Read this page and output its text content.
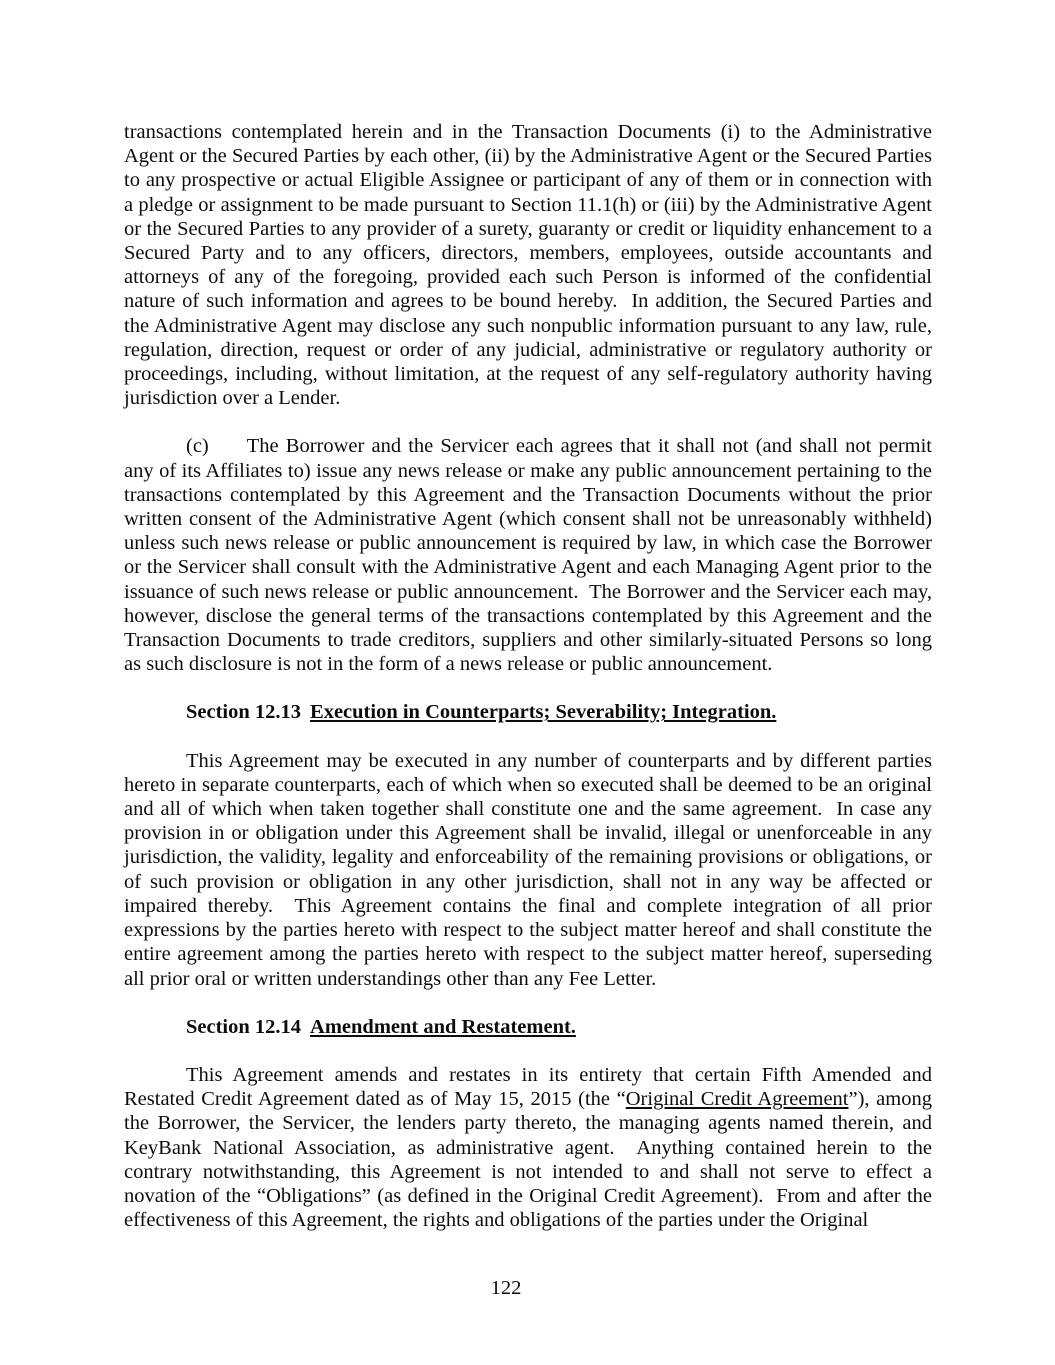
transactions contemplated herein and in the Transaction Documents (i) to the Administrative Agent or the Secured Parties by each other, (ii) by the Administrative Agent or the Secured Parties to any prospective or actual Eligible Assignee or participant of any of them or in connection with a pledge or assignment to be made pursuant to Section 11.1(h) or (iii) by the Administrative Agent or the Secured Parties to any provider of a surety, guaranty or credit or liquidity enhancement to a Secured Party and to any officers, directors, members, employees, outside accountants and attorneys of any of the foregoing, provided each such Person is informed of the confidential nature of such information and agrees to be bound hereby.  In addition, the Secured Parties and the Administrative Agent may disclose any such nonpublic information pursuant to any law, rule, regulation, direction, request or order of any judicial, administrative or regulatory authority or proceedings, including, without limitation, at the request of any self-regulatory authority having jurisdiction over a Lender.

(c) The Borrower and the Servicer each agrees that it shall not (and shall not permit any of its Affiliates to) issue any news release or make any public announcement pertaining to the transactions contemplated by this Agreement and the Transaction Documents without the prior written consent of the Administrative Agent (which consent shall not be unreasonably withheld) unless such news release or public announcement is required by law, in which case the Borrower or the Servicer shall consult with the Administrative Agent and each Managing Agent prior to the issuance of such news release or public announcement.  The Borrower and the Servicer each may, however, disclose the general terms of the transactions contemplated by this Agreement and the Transaction Documents to trade creditors, suppliers and other similarly-situated Persons so long as such disclosure is not in the form of a news release or public announcement.

Section 12.13 Execution in Counterparts; Severability; Integration.

This Agreement may be executed in any number of counterparts and by different parties hereto in separate counterparts, each of which when so executed shall be deemed to be an original and all of which when taken together shall constitute one and the same agreement.  In case any provision in or obligation under this Agreement shall be invalid, illegal or unenforceable in any jurisdiction, the validity, legality and enforceability of the remaining provisions or obligations, or of such provision or obligation in any other jurisdiction, shall not in any way be affected or impaired thereby.  This Agreement contains the final and complete integration of all prior expressions by the parties hereto with respect to the subject matter hereof and shall constitute the entire agreement among the parties hereto with respect to the subject matter hereof, superseding all prior oral or written understandings other than any Fee Letter.

Section 12.14 Amendment and Restatement.

This Agreement amends and restates in its entirety that certain Fifth Amended and Restated Credit Agreement dated as of May 15, 2015 (the “Original Credit Agreement”), among the Borrower, the Servicer, the lenders party thereto, the managing agents named therein, and KeyBank National Association, as administrative agent.  Anything contained herein to the contrary notwithstanding, this Agreement is not intended to and shall not serve to effect a novation of the “Obligations” (as defined in the Original Credit Agreement).  From and after the effectiveness of this Agreement, the rights and obligations of the parties under the Original

122
